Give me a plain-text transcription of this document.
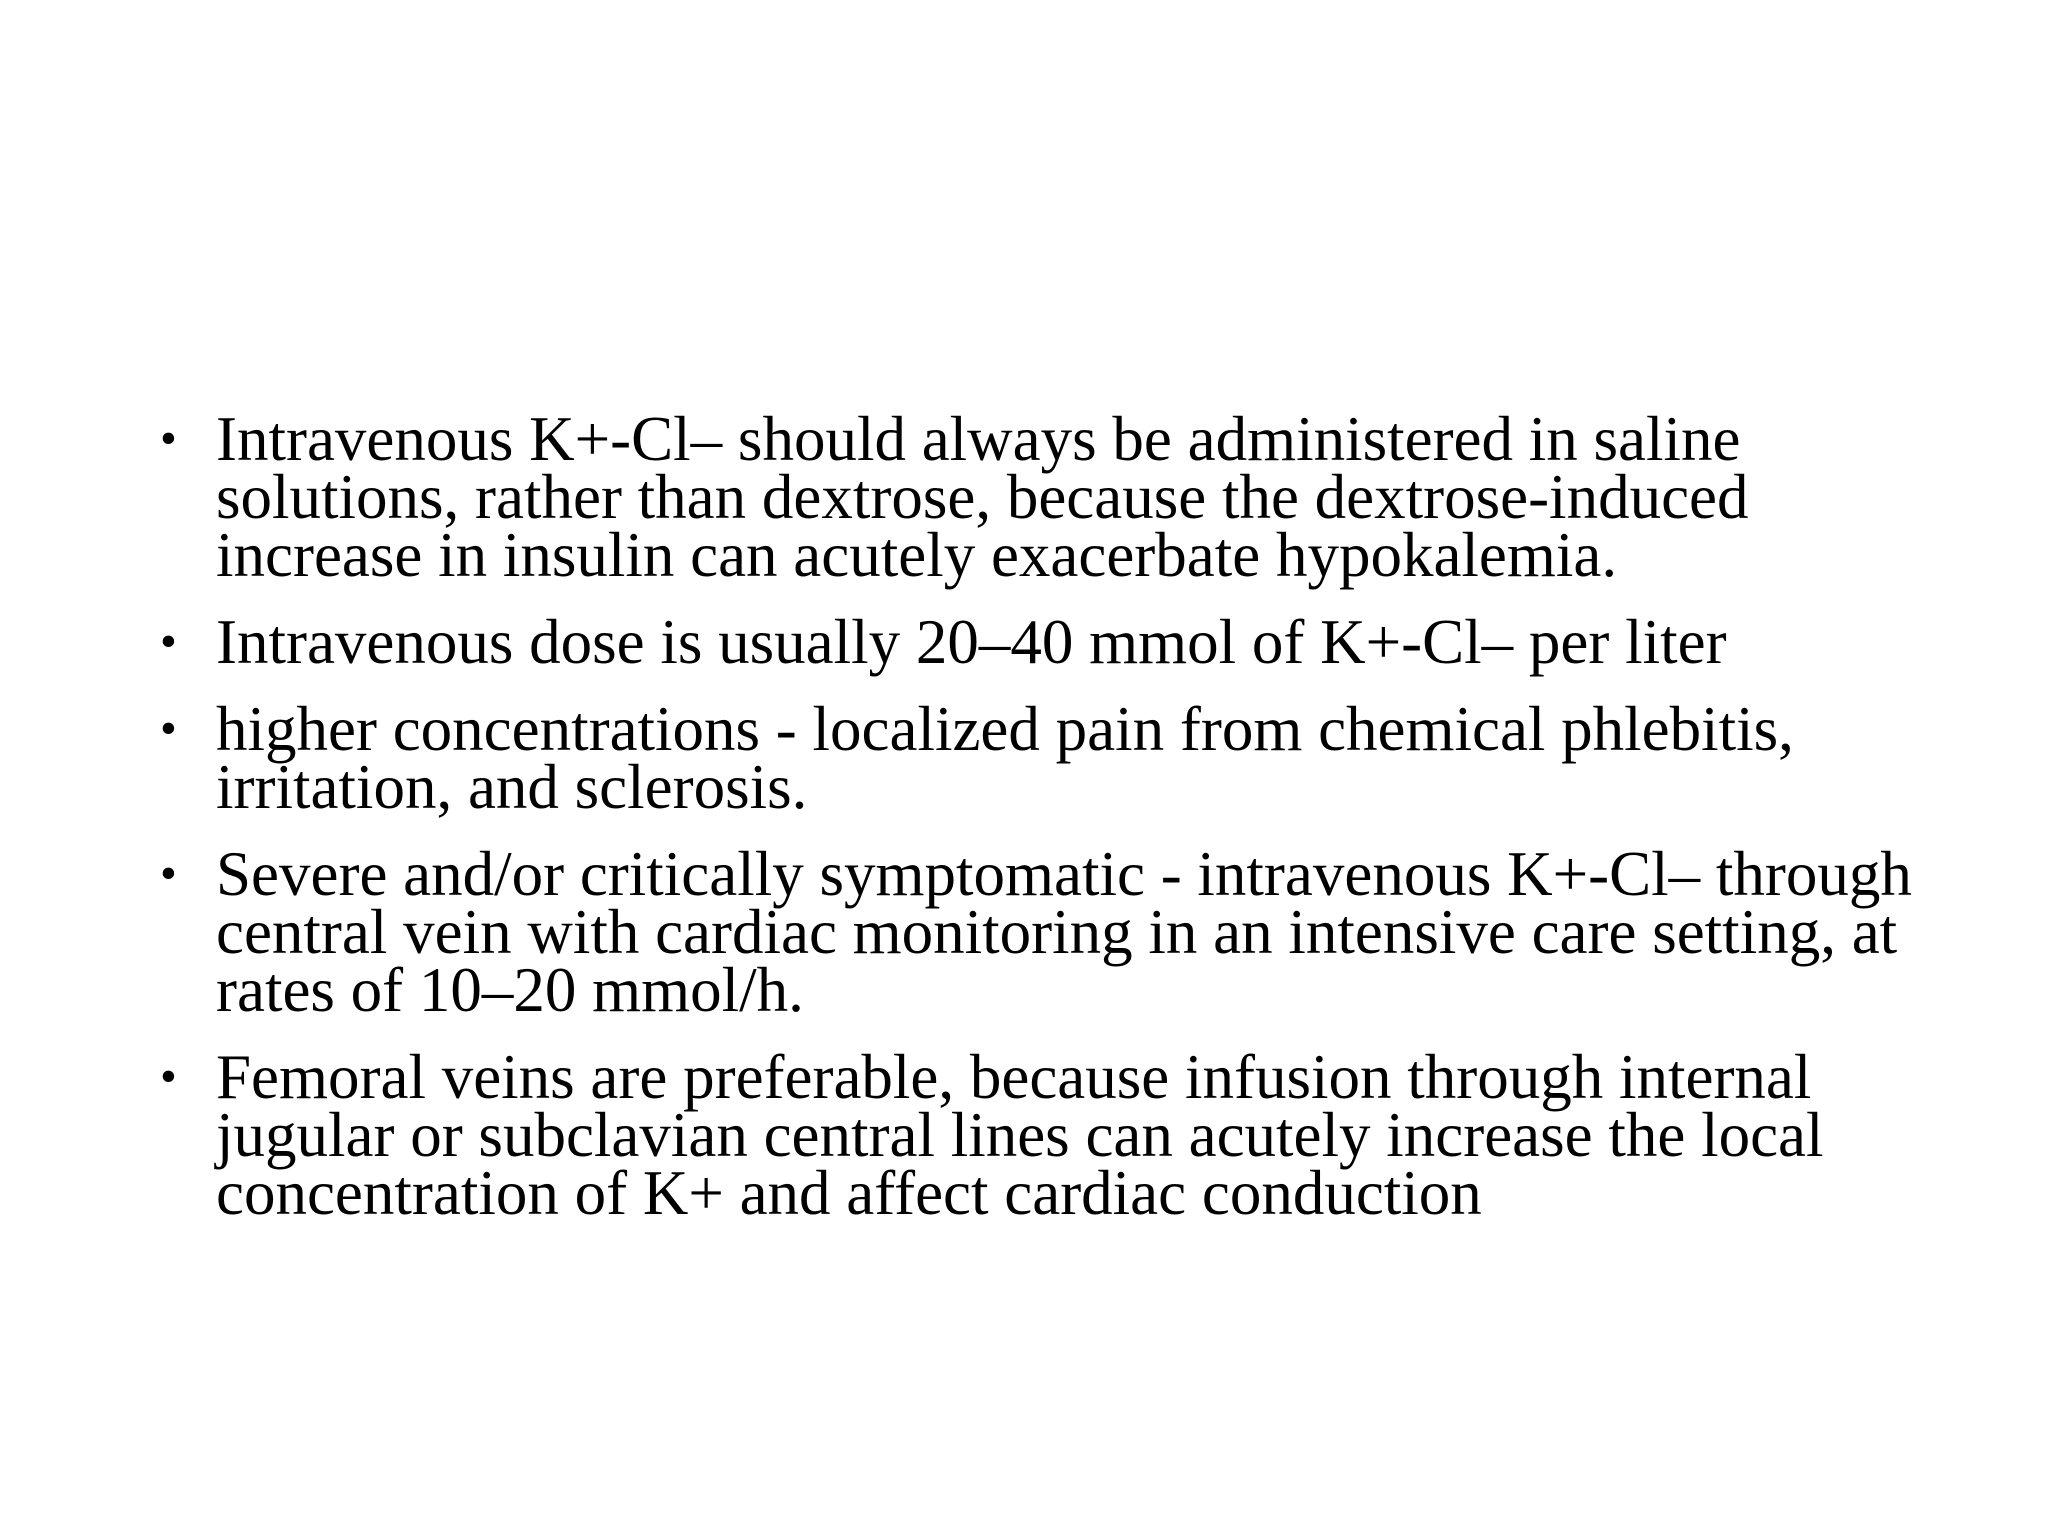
• Intravenous K+-Cl– should always be administered in saline solutions, rather than dextrose, because the dextrose-induced increase in insulin can acutely exacerbate hypokalemia.
• Intravenous dose is usually 20–40 mmol of K+-Cl– per liter
• higher concentrations - localized pain from chemical phlebitis, irritation, and sclerosis.
• Severe and/or critically symptomatic - intravenous K+-Cl– through central vein with cardiac monitoring in an intensive care setting, at rates of 10–20 mmol/h.
• Femoral veins are preferable, because infusion through internal jugular or subclavian central lines can acutely increase the local concentration of K+ and affect cardiac conduction
